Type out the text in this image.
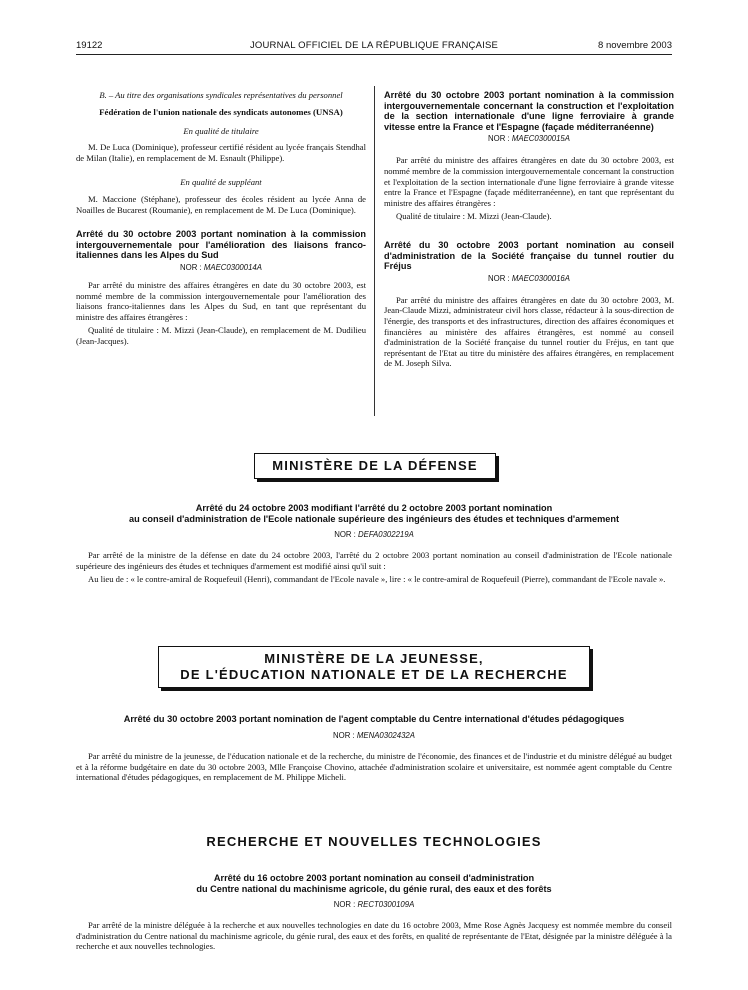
19122	JOURNAL OFFICIEL DE LA RÉPUBLIQUE FRANÇAISE	8 novembre 2003

B. – Au titre des organisations syndicales représentatives du personnel

Fédération de l'union nationale des syndicats autonomes (UNSA)

En qualité de titulaire

M. De Luca (Dominique), professeur certifié résident au lycée français Stendhal de Milan (Italie), en remplacement de M. Esnault (Philippe).

En qualité de suppléant

M. Maccione (Stéphane), professeur des écoles résident au lycée Anna de Noailles de Bucarest (Roumanie), en remplacement de M. De Luca (Dominique).

Arrêté du 30 octobre 2003 portant nomination à la commission intergouvernementale pour l'amélioration des liaisons franco-italiennes dans les Alpes du Sud

NOR : MAEC0300014A

Par arrêté du ministre des affaires étrangères en date du 30 octobre 2003, est nommé membre de la commission intergouvernementale pour l'amélioration des liaisons franco-italiennes dans les Alpes du Sud, en tant que représentant du ministre des affaires étrangères :

Qualité de titulaire : M. Mizzi (Jean-Claude), en remplacement de M. Dudilieu (Jean-Jacques).

Arrêté du 30 octobre 2003 portant nomination à la commission intergouvernementale concernant la construction et l'exploitation de la section internationale d'une ligne ferroviaire à grande vitesse entre la France et l'Espagne (façade méditerranéenne)

NOR : MAEC0300015A

Par arrêté du ministre des affaires étrangères en date du 30 octobre 2003, est nommé membre de la commission intergouvernementale concernant la construction et l'exploitation de la section internationale d'une ligne ferroviaire à grande vitesse entre la France et l'Espagne (façade méditerranéenne), en tant que représentant du ministre des affaires étrangères :

Qualité de titulaire : M. Mizzi (Jean-Claude).

Arrêté du 30 octobre 2003 portant nomination au conseil d'administration de la Société française du tunnel routier du Fréjus

NOR : MAEC0300016A

Par arrêté du ministre des affaires étrangères en date du 30 octobre 2003, M. Jean-Claude Mizzi, administrateur civil hors classe, rédacteur à la sous-direction de l'énergie, des transports et des infrastructures, direction des affaires économiques et financières au ministère des affaires étrangères, est nommé au conseil d'administration de la Société française du tunnel routier du Fréjus, en tant que représentant de l'Etat au titre du ministère des affaires étrangères, en remplacement de M. Joseph Silva.

MINISTÈRE DE LA DÉFENSE

Arrêté du 24 octobre 2003 modifiant l'arrêté du 2 octobre 2003 portant nomination
au conseil d'administration de l'Ecole nationale supérieure des ingénieurs des études et techniques d'armement

NOR : DEFA0302219A

Par arrêté de la ministre de la défense en date du 24 octobre 2003, l'arrêté du 2 octobre 2003 portant nomination au conseil d'administration de l'Ecole nationale supérieure des ingénieurs des études et techniques d'armement est modifié ainsi qu'il suit :

Au lieu de : « le contre-amiral de Roquefeuil (Henri), commandant de l'Ecole navale », lire : « le contre-amiral de Roquefeuil (Pierre), commandant de l'Ecole navale ».

MINISTÈRE DE LA JEUNESSE,
DE L'ÉDUCATION NATIONALE ET DE LA RECHERCHE

Arrêté du 30 octobre 2003 portant nomination de l'agent comptable du Centre international d'études pédagogiques

NOR : MENA0302432A

Par arrêté du ministre de la jeunesse, de l'éducation nationale et de la recherche, du ministre de l'économie, des finances et de l'industrie et du ministre délégué au budget et à la réforme budgétaire en date du 30 octobre 2003, Mlle Françoise Chovino, attachée d'administration scolaire et universitaire, est nommée agent comptable du Centre international d'études pédagogiques, en remplacement de M. Philippe Micheli.

RECHERCHE ET NOUVELLES TECHNOLOGIES

Arrêté du 16 octobre 2003 portant nomination au conseil d'administration
du Centre national du machinisme agricole, du génie rural, des eaux et des forêts

NOR : RECT0300109A

Par arrêté de la ministre déléguée à la recherche et aux nouvelles technologies en date du 16 octobre 2003, Mme Rose Agnès Jacquesy est nommée membre du conseil d'administration du Centre national du machinisme agricole, du génie rural, des eaux et des forêts, en qualité de représentante de l'Etat, désignée par la ministre déléguée à la recherche et aux nouvelles technologies.
